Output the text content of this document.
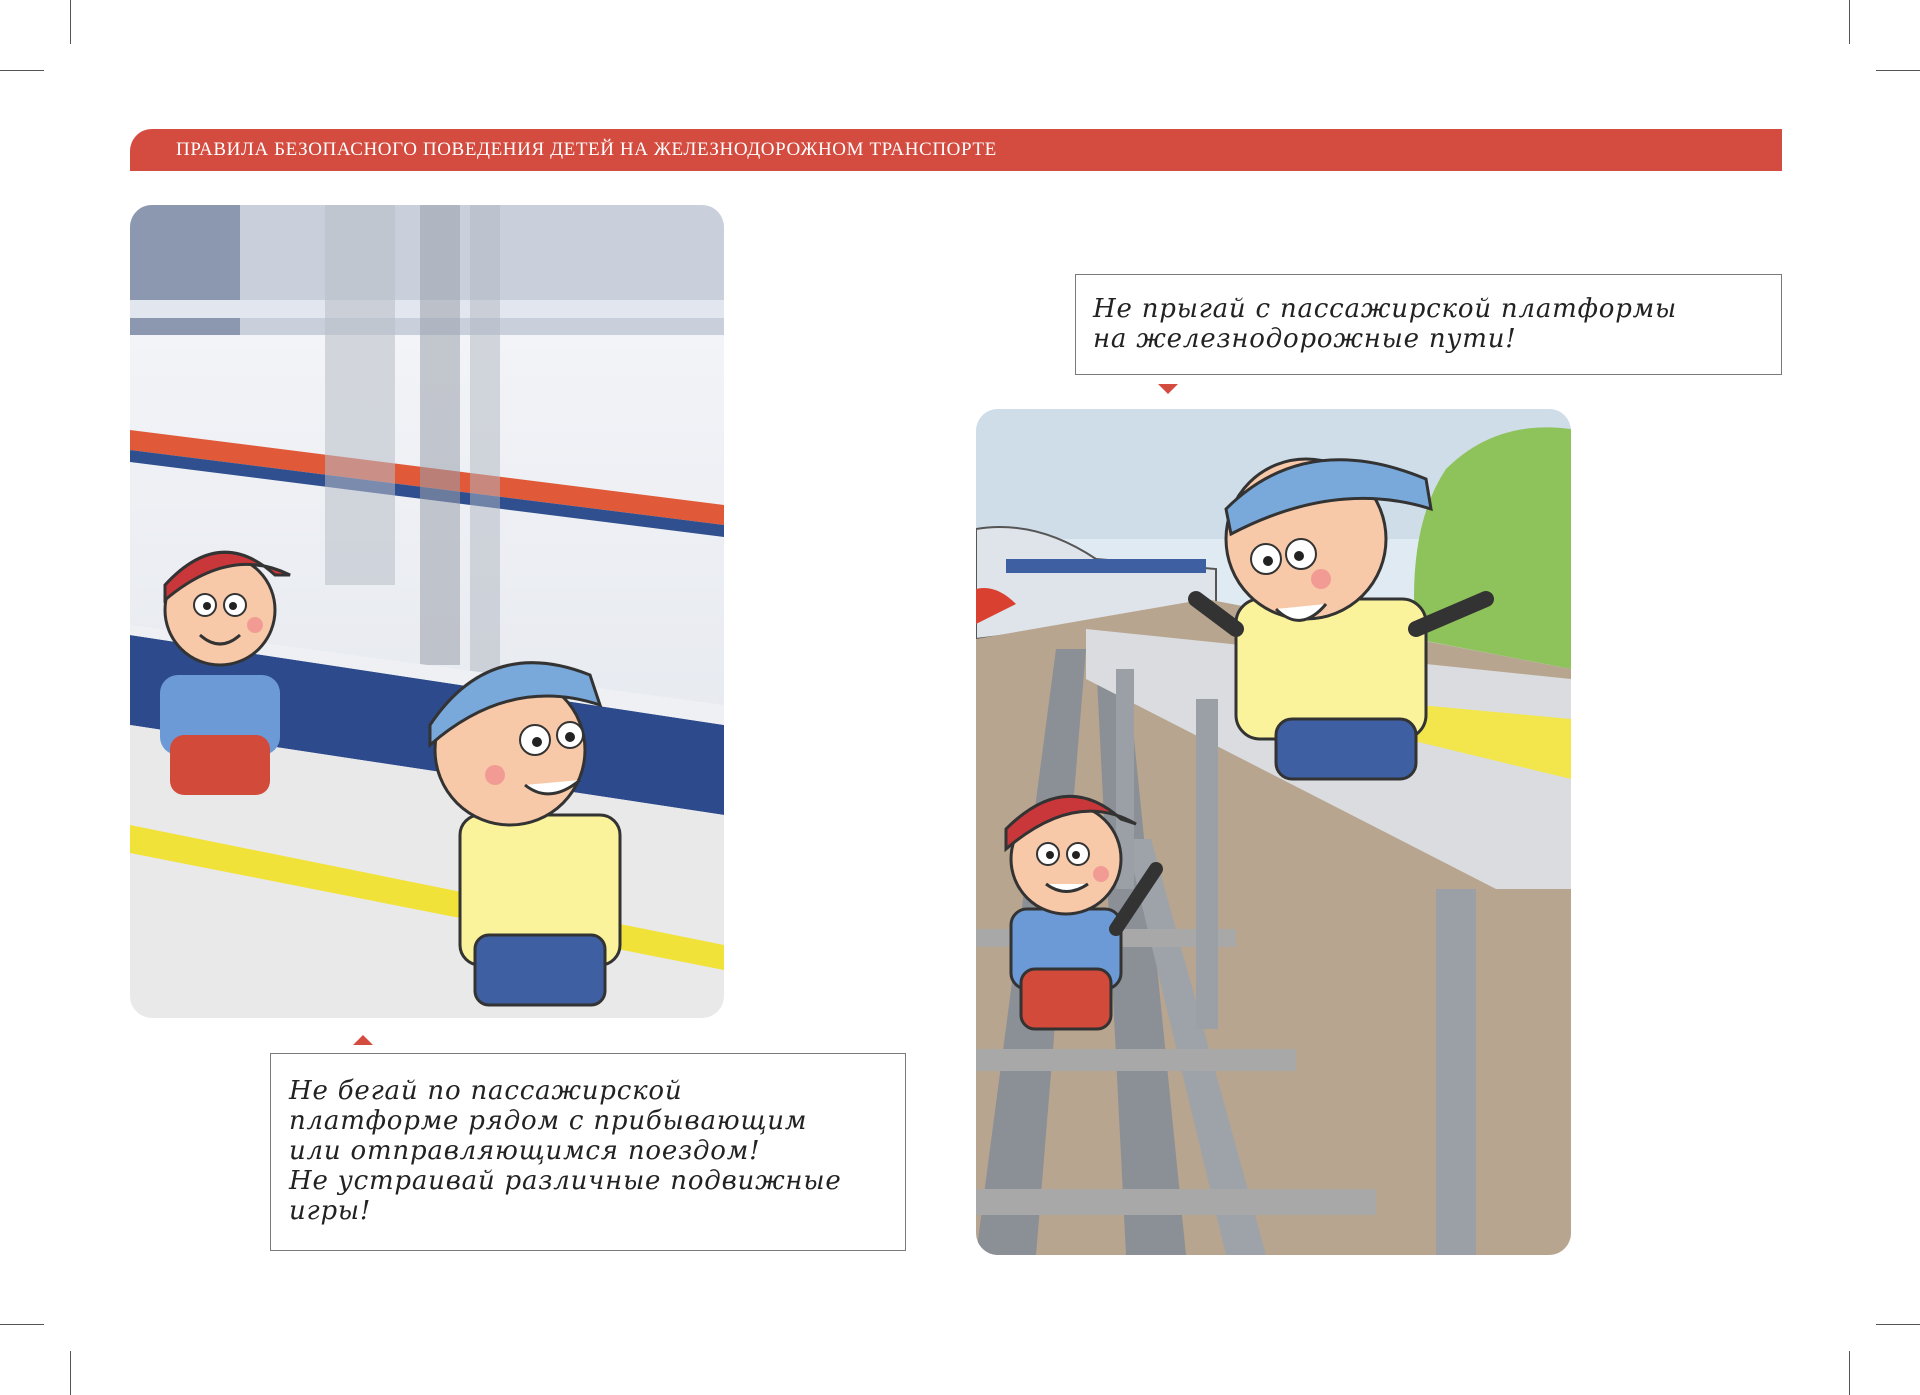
ПРАВИЛА БЕЗОПАСНОГО ПОВЕДЕНИЯ ДЕТЕЙ НА ЖЕЛЕЗНОДОРОЖНОМ ТРАНСПОРТЕ

Не прыгай с пассажирской платформы

на железнодорожные пути!

Не бегай по пассажирской

платформе рядом с прибывающим

или отправляющимся поездом!

Не устраивай различные подвижные

игры!
